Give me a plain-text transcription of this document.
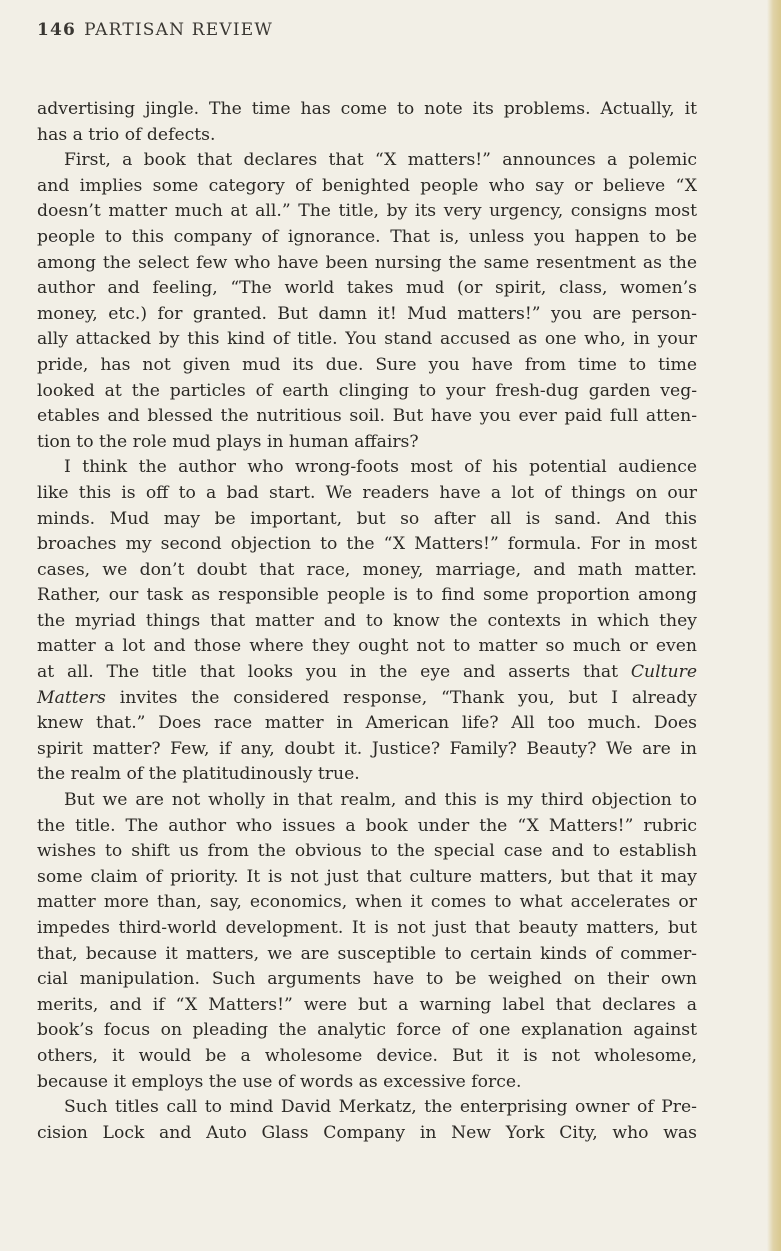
146 PARTISAN REVIEW
advertising jingle. The time has come to note its problems. Actually, it
has a trio of defects.
First, a book that declares that “X matters!” announces a polemic
and implies some category of benighted people who say or believe “X
doesn’t matter much at all.” The title, by its very urgency, consigns most
people to this company of ignorance. That is, unless you happen to be
among the select few who have been nursing the same resentment as the
author and feeling, “The world takes mud (or spirit, class, women’s
money, etc.) for granted. But damn it! Mud matters!” you are person-
ally attacked by this kind of title. You stand accused as one who, in your
pride, has not given mud its due. Sure you have from time to time
looked at the particles of earth clinging to your fresh-dug garden veg-
etables and blessed the nutritious soil. But have you ever paid full atten-
tion to the role mud plays in human affairs?
I think the author who wrong-foots most of his potential audience
like this is off to a bad start. We readers have a lot of things on our
minds. Mud may be important, but so after all is sand. And this
broaches my second objection to the “X Matters!” formula. For in most
cases, we don’t doubt that race, money, marriage, and math matter.
Rather, our task as responsible people is to find some proportion among
the myriad things that matter and to know the contexts in which they
matter a lot and those where they ought not to matter so much or even
at all. The title that looks you in the eye and asserts that Culture
Matters invites the considered response, “Thank you, but I already
knew that.” Does race matter in American life? All too much. Does
spirit matter? Few, if any, doubt it. Justice? Family? Beauty? We are in
the realm of the platitudinously true.
But we are not wholly in that realm, and this is my third objection to
the title. The author who issues a book under the “X Matters!” rubric
wishes to shift us from the obvious to the special case and to establish
some claim of priority. It is not just that culture matters, but that it may
matter more than, say, economics, when it comes to what accelerates or
impedes third-world development. It is not just that beauty matters, but
that, because it matters, we are susceptible to certain kinds of commer-
cial manipulation. Such arguments have to be weighed on their own
merits, and if “X Matters!” were but a warning label that declares a
book’s focus on pleading the analytic force of one explanation against
others, it would be a wholesome device. But it is not wholesome,
because it employs the use of words as excessive force.
Such titles call to mind David Merkatz, the enterprising owner of Pre-
cision Lock and Auto Glass Company in New York City, who was
